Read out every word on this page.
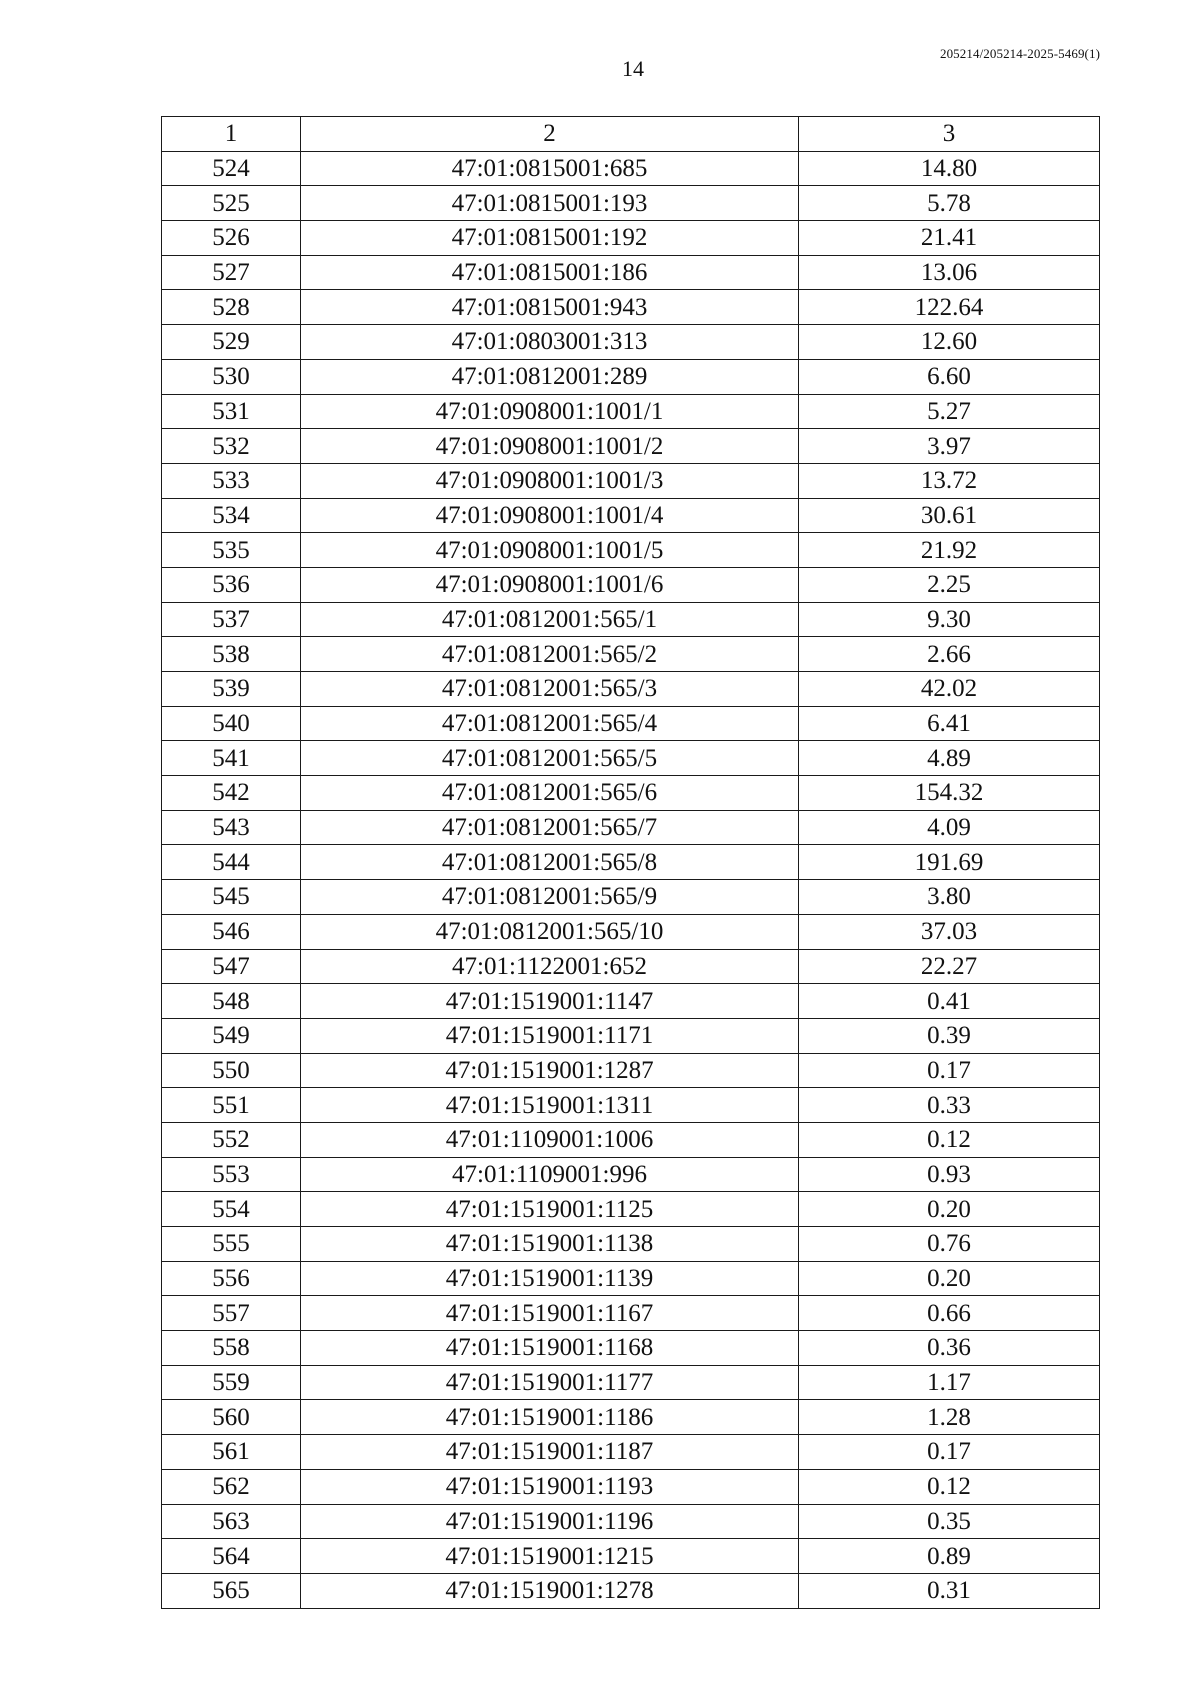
14
205214/205214-2025-5469(1)
1	2	3
524	47:01:0815001:685	14.80
525	47:01:0815001:193	5.78
526	47:01:0815001:192	21.41
527	47:01:0815001:186	13.06
528	47:01:0815001:943	122.64
529	47:01:0803001:313	12.60
530	47:01:0812001:289	6.60
531	47:01:0908001:1001/1	5.27
532	47:01:0908001:1001/2	3.97
533	47:01:0908001:1001/3	13.72
534	47:01:0908001:1001/4	30.61
535	47:01:0908001:1001/5	21.92
536	47:01:0908001:1001/6	2.25
537	47:01:0812001:565/1	9.30
538	47:01:0812001:565/2	2.66
539	47:01:0812001:565/3	42.02
540	47:01:0812001:565/4	6.41
541	47:01:0812001:565/5	4.89
542	47:01:0812001:565/6	154.32
543	47:01:0812001:565/7	4.09
544	47:01:0812001:565/8	191.69
545	47:01:0812001:565/9	3.80
546	47:01:0812001:565/10	37.03
547	47:01:1122001:652	22.27
548	47:01:1519001:1147	0.41
549	47:01:1519001:1171	0.39
550	47:01:1519001:1287	0.17
551	47:01:1519001:1311	0.33
552	47:01:1109001:1006	0.12
553	47:01:1109001:996	0.93
554	47:01:1519001:1125	0.20
555	47:01:1519001:1138	0.76
556	47:01:1519001:1139	0.20
557	47:01:1519001:1167	0.66
558	47:01:1519001:1168	0.36
559	47:01:1519001:1177	1.17
560	47:01:1519001:1186	1.28
561	47:01:1519001:1187	0.17
562	47:01:1519001:1193	0.12
563	47:01:1519001:1196	0.35
564	47:01:1519001:1215	0.89
565	47:01:1519001:1278	0.31
